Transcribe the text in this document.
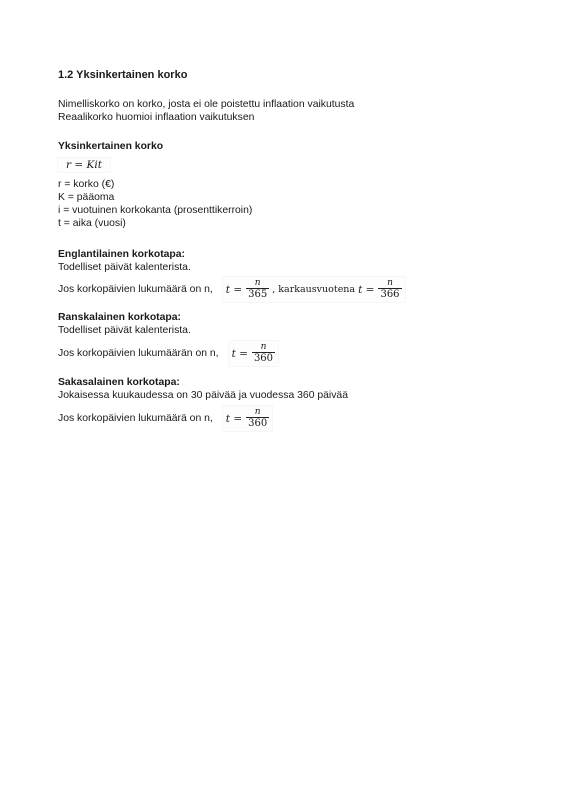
1.2 Yksinkertainen korko
Nimelliskorko on korko, josta ei ole poistettu inflaation vaikutusta
Reaalikorko huomioi inflaation vaikutuksen
Yksinkertainen korko
r = Kit
r = korko (€)
K = pääoma
i = vuotuinen korkokanta (prosenttikerroin)
t = aika (vuosi)
Englantilainen korkotapa:
Todelliset päivät kalenterista.
Jos korkopäivien lukumäärä on n, $t = \frac{n}{365}$ , karkausvuotena $t = \frac{n}{366}$
Ranskalainen korkotapa:
Todelliset päivät kalenterista.
Jos korkopäivien lukumäärän on n, $t = \frac{n}{360}$
Sakasalainen korkotapa:
Jokaisessa kuukaudessa on 30 päivää ja vuodessa 360 päivää
Jos korkopäivien lukumäärä on n, $t = \frac{n}{360}$
